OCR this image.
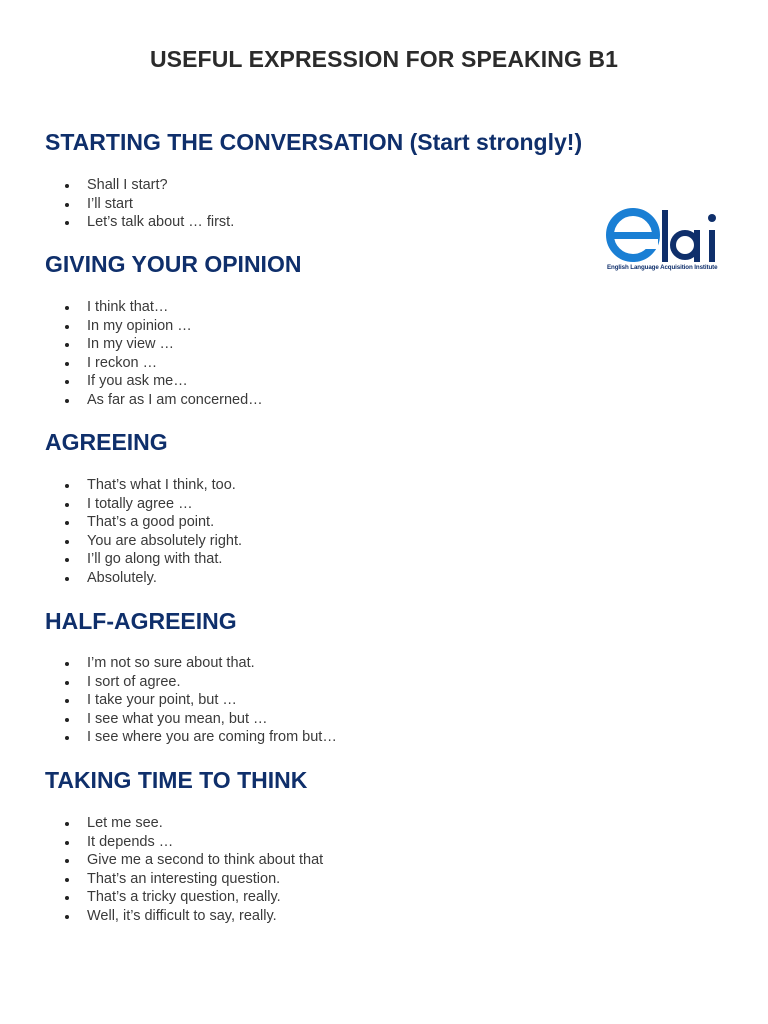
USEFUL EXPRESSION FOR SPEAKING B1
English Language Acquisition Institute
STARTING THE CONVERSATION (Start strongly!)
Shall I start?
I’ll start
Let’s talk about … first.
GIVING YOUR OPINION
I think that…
In my opinion …
In my view …
I reckon …
If you ask me…
As far as I am concerned…
AGREEING
That’s what I think, too.
I totally agree …
That’s a good point.
You are absolutely right.
I’ll go along with that.
Absolutely.
HALF-AGREEING
I’m not so sure about that.
I sort of agree.
I take your point, but …
I see what you mean, but …
I see where you are coming from but…
TAKING TIME TO THINK
Let me see.
It depends …
Give me a second to think about that
That’s an interesting question.
That’s a tricky question, really.
Well, it’s difficult to say, really.
